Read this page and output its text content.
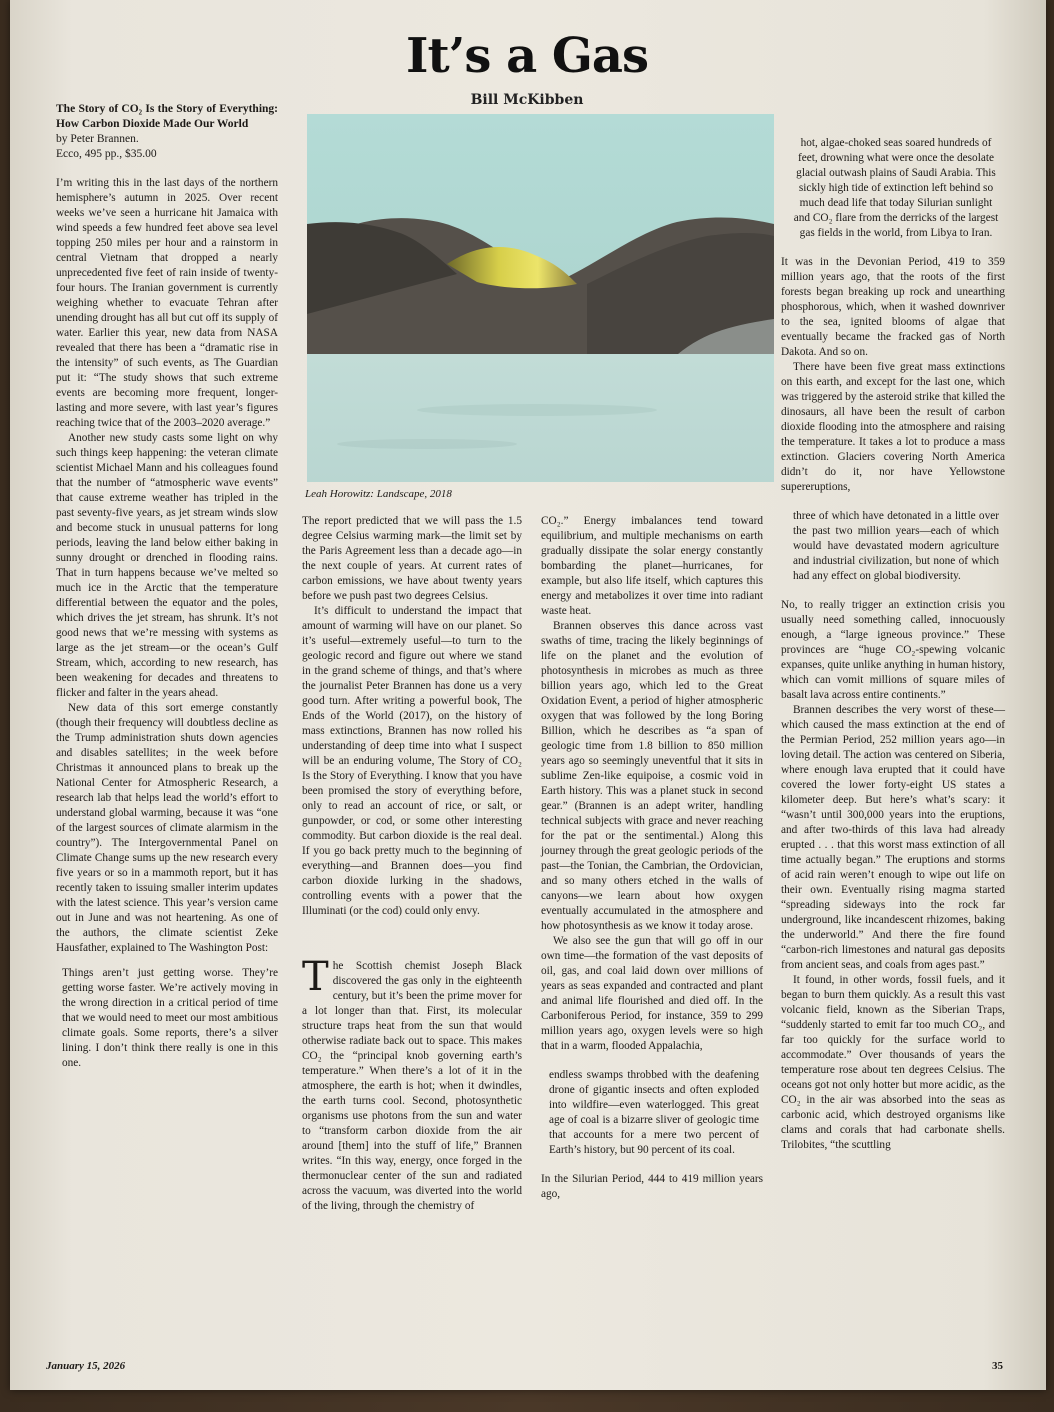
It’s a Gas
Bill McKibben

The Story of CO₂ Is the Story of Everything: How Carbon Dioxide Made Our World

by Peter Brannen.

Ecco, 495 pp., $35.00

I’m writing this in the last days of the northern hemisphere’s autumn in 2025. Over recent weeks we’ve seen a hurricane hit Jamaica with wind speeds a few hundred feet above sea level topping 250 miles per hour and a rainstorm in central Vietnam that dropped a nearly unprecedented five feet of rain inside of twenty-four hours. The Iranian government is currently weighing whether to evacuate Tehran after unending drought has all but cut off its supply of water. Earlier this year, new data from NASA revealed that there has been a “dramatic rise in the intensity” of such events, as The Guardian put it: “The study shows that such extreme events are becoming more frequent, longer-lasting and more severe, with last year’s figures reaching twice that of the 2003–2020 average.”

Another new study casts some light on why such things keep happening: the veteran climate scientist Michael Mann and his colleagues found that the number of “atmospheric wave events” that cause extreme weather has tripled in the past seventy-five years, as jet stream winds slow and become stuck in unusual patterns for long periods, leaving the land below either baking in sunny drought or drenched in flooding rains. That in turn happens because we’ve melted so much ice in the Arctic that the temperature differential between the equator and the poles, which drives the jet stream, has shrunk. It’s not good news that we’re messing with systems as large as the jet stream—or the ocean’s Gulf Stream, which, according to new research, has been weakening for decades and threatens to flicker and falter in the years ahead.

New data of this sort emerge constantly (though their frequency will doubtless decline as the Trump administration shuts down agencies and disables satellites; in the week before Christmas it announced plans to break up the National Center for Atmospheric Research, a research lab that helps lead the world’s effort to understand global warming, because it was “one of the largest sources of climate alarmism in the country”). The Intergovernmental Panel on Climate Change sums up the new research every five years or so in a mammoth report, but it has recently taken to issuing smaller interim updates with the latest science. This year’s version came out in June and was not heartening. As one of the authors, the climate scientist Zeke Hausfather, explained to The Washington Post:

Things aren’t just getting worse. They’re getting worse faster. We’re actively moving in the wrong direction in a critical period of time that we would need to meet our most ambitious climate goals. Some reports, there’s a silver lining. I don’t think there really is one in this one.

Leah Horowitz: Landscape, 2018

The report predicted that we will pass the 1.5 degree Celsius warming mark—the limit set by the Paris Agreement less than a decade ago—in the next couple of years. At current rates of carbon emissions, we have about twenty years before we push past two degrees Celsius.

It’s difficult to understand the impact that amount of warming will have on our planet. So it’s useful—extremely useful—to turn to the geologic record and figure out where we stand in the grand scheme of things, and that’s where the journalist Peter Brannen has done us a very good turn. After writing a powerful book, The Ends of the World (2017), on the history of mass extinctions, Brannen has now rolled his understanding of deep time into what I suspect will be an enduring volume, The Story of CO₂ Is the Story of Everything. I know that you have been promised the story of everything before, only to read an account of rice, or salt, or gunpowder, or cod, or some other interesting commodity. But carbon dioxide is the real deal. If you go back pretty much to the beginning of everything—and Brannen does—you find carbon dioxide lurking in the shadows, controlling events with a power that the Illuminati (or the cod) could only envy.

The Scottish chemist Joseph Black discovered the gas only in the eighteenth century, but it’s been the prime mover for a lot longer than that. First, its molecular structure traps heat from the sun that would otherwise radiate back out to space. This makes CO₂ the “principal knob governing earth’s temperature.” When there’s a lot of it in the atmosphere, the earth is hot; when it dwindles, the earth turns cool. Second, photosynthetic organisms use photons from the sun and water to “transform carbon dioxide from the air around [them] into the stuff of life,” Brannen writes. “In this way, energy, once forged in the thermonuclear center of the sun and radiated across the vacuum, was diverted into the world of the living, through the chemistry of

CO₂.” Energy imbalances tend toward equilibrium, and multiple mechanisms on earth gradually dissipate the solar energy constantly bombarding the planet—hurricanes, for example, but also life itself, which captures this energy and metabolizes it over time into radiant waste heat.

Brannen observes this dance across vast swaths of time, tracing the likely beginnings of life on the planet and the evolution of photosynthesis in microbes as much as three billion years ago, which led to the Great Oxidation Event, a period of higher atmospheric oxygen that was followed by the long Boring Billion, which he describes as “a span of geologic time from 1.8 billion to 850 million years ago so seemingly uneventful that it sits in sublime Zen-like equipoise, a cosmic void in Earth history. This was a planet stuck in second gear.” (Brannen is an adept writer, handling technical subjects with grace and never reaching for the pat or the sentimental.) Along this journey through the great geologic periods of the past—the Tonian, the Cambrian, the Ordovician, and so many others etched in the walls of canyons—we learn about how oxygen eventually accumulated in the atmosphere and how photosynthesis as we know it today arose.

We also see the gun that will go off in our own time—the formation of the vast deposits of oil, gas, and coal laid down over millions of years as seas expanded and contracted and plant and animal life flourished and died off. In the Carboniferous Period, for instance, 359 to 299 million years ago, oxygen levels were so high that in a warm, flooded Appalachia,

endless swamps throbbed with the deafening drone of gigantic insects and often exploded into wildfire—even waterlogged. This great age of coal is a bizarre sliver of geologic time that accounts for a mere two percent of Earth’s history, but 90 percent of its coal.

In the Silurian Period, 444 to 419 million years ago,

hot, algae-choked seas soared hundreds of feet, drowning what were once the desolate glacial outwash plains of Saudi Arabia. This sickly high tide of extinction left behind so much dead life that today Silurian sunlight and CO₂ flare from the derricks of the largest gas fields in the world, from Libya to Iran.

It was in the Devonian Period, 419 to 359 million years ago, that the roots of the first forests began breaking up rock and unearthing phosphorous, which, when it washed downriver to the sea, ignited blooms of algae that eventually became the fracked gas of North Dakota. And so on.

There have been five great mass extinctions on this earth, and except for the last one, which was triggered by the asteroid strike that killed the dinosaurs, all have been the result of carbon dioxide flooding into the atmosphere and raising the temperature. It takes a lot to produce a mass extinction. Glaciers covering North America didn’t do it, nor have Yellowstone supereruptions,

three of which have detonated in a little over the past two million years—each of which would have devastated modern agriculture and industrial civilization, but none of which had any effect on global biodiversity.

No, to really trigger an extinction crisis you usually need something called, innocuously enough, a “large igneous province.” These provinces are “huge CO₂-spewing volcanic expanses, quite unlike anything in human history, which can vomit millions of square miles of basalt lava across entire continents.”

Brannen describes the very worst of these—which caused the mass extinction at the end of the Permian Period, 252 million years ago—in loving detail. The action was centered on Siberia, where enough lava erupted that it could have covered the lower forty-eight US states a kilometer deep. But here’s what’s scary: it “wasn’t until 300,000 years into the eruptions, and after two-thirds of this lava had already erupted . . . that this worst mass extinction of all time actually began.” The eruptions and storms of acid rain weren’t enough to wipe out life on their own. Eventually rising magma started “spreading sideways into the rock far underground, like incandescent rhizomes, baking the underworld.” And there the fire found “carbon-rich limestones and natural gas deposits from ancient seas, and coals from ages past.”

It found, in other words, fossil fuels, and it began to burn them quickly. As a result this vast volcanic field, known as the Siberian Traps, “suddenly started to emit far too much CO₂, and far too quickly for the surface world to accommodate.” Over thousands of years the temperature rose about ten degrees Celsius. The oceans got not only hotter but more acidic, as the CO₂ in the air was absorbed into the seas as carbonic acid, which destroyed organisms like clams and corals that had carbonate shells. Trilobites, “the scuttling

January 15, 2026	35
